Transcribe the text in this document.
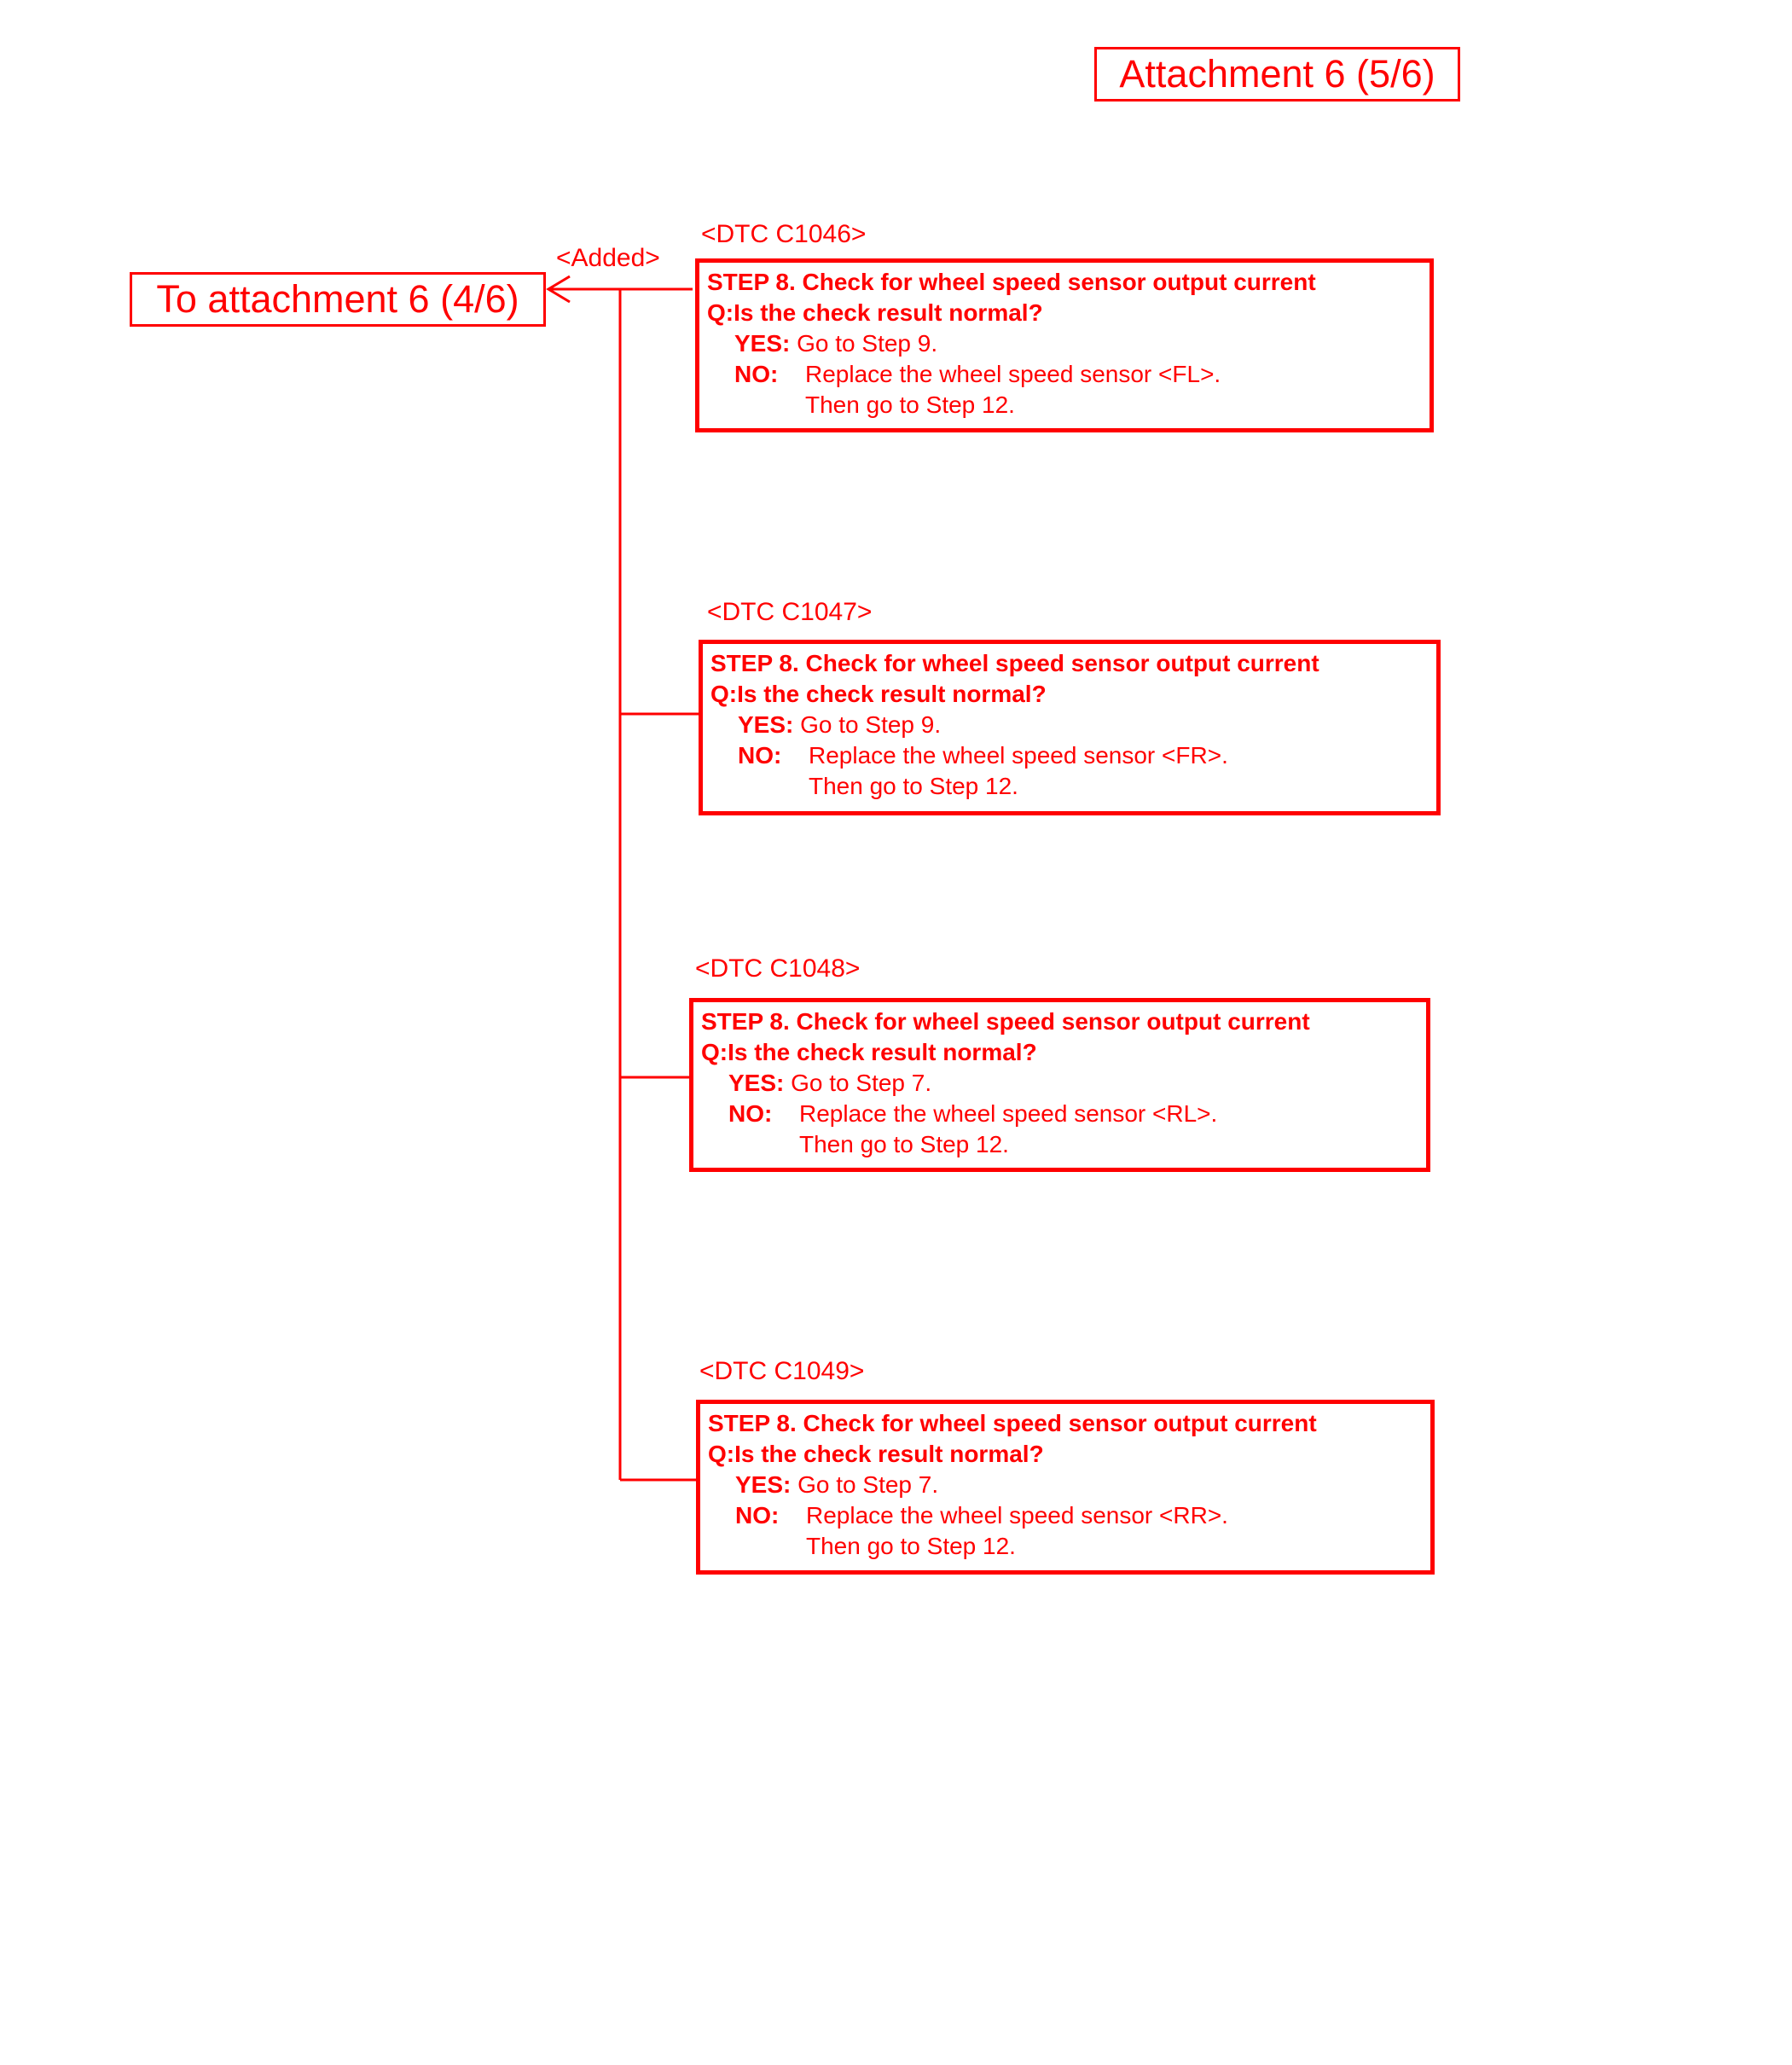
Attachment 6 (5/6)
<Added>
To attachment 6 (4/6)
<DTC C1046>
STEP 8. Check for wheel speed sensor output current
Q:Is the check result normal?
YES: Go to Step 9.
NO: Replace the wheel speed sensor <FL>.
Then go to Step 12.
<DTC C1047>
STEP 8. Check for wheel speed sensor output current
Q:Is the check result normal?
YES: Go to Step 9.
NO: Replace the wheel speed sensor <FR>.
Then go to Step 12.
<DTC C1048>
STEP 8. Check for wheel speed sensor output current
Q:Is the check result normal?
YES: Go to Step 7.
NO: Replace the wheel speed sensor <RL>.
Then go to Step 12.
<DTC C1049>
STEP 8. Check for wheel speed sensor output current
Q:Is the check result normal?
YES: Go to Step 7.
NO: Replace the wheel speed sensor <RR>.
Then go to Step 12.
